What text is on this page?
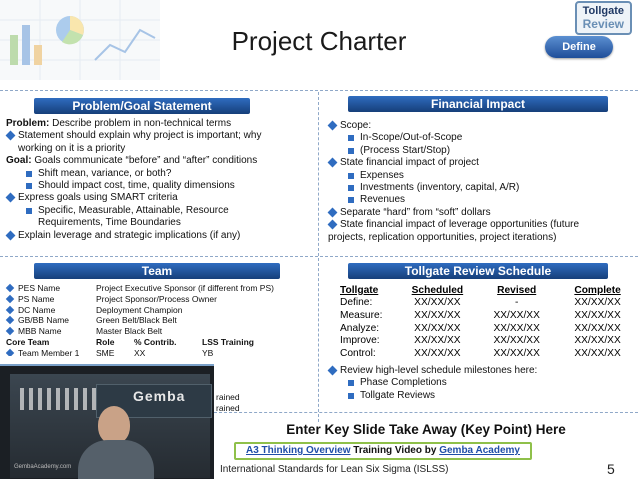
Tollgate
Review
Project Charter	Define
Problem/Goal Statement	Financial Impact
Team	Tollgate Review Schedule
Problem: Describe problem in non-technical terms
Statement should explain why project is important; why
working on it is a priority
Goal: Goals communicate “before” and “after” conditions
Shift mean, variance, or both?
Should impact cost, time, quality dimensions
Express goals using SMART criteria
Specific, Measurable, Attainable, Resource
Requirements, Time Boundaries
Explain leverage and strategic implications (if any)
Scope:
In-Scope/Out-of-Scope
(Process Start/Stop)
State financial impact of project
Expenses
Investments (inventory, capital, A/R)
Revenues
Separate “hard” from “soft” dollars
State financial impact of leverage opportunities (future
projects, replication opportunities, project iterations)
PES Name	Project Executive Sponsor (if different from PS)
PS Name	Project Sponsor/Process Owner
DC Name	Deployment Champion
GB/BB Name	Green Belt/Black Belt
MBB Name	Master Black Belt
Core Team	Role	% Contrib.	LSS Training
Team Member 1	SME	XX	YB
rained
rained
Tollgate	Scheduled	Revised	Complete
Define:	XX/XX/XX	-	XX/XX/XX
Measure:	XX/XX/XX	XX/XX/XX	XX/XX/XX
Analyze:	XX/XX/XX	XX/XX/XX	XX/XX/XX
Improve:	XX/XX/XX	XX/XX/XX	XX/XX/XX
Control:	XX/XX/XX	XX/XX/XX	XX/XX/XX
Review high-level schedule milestones here:
Phase Completions
Tollgate Reviews
Gemba
GembaAcademy.com
Enter Key Slide Take Away (Key Point) Here
A3 Thinking Overview Training Video by Gemba Academy
International Standards for Lean Six Sigma (ISLSS)	5
